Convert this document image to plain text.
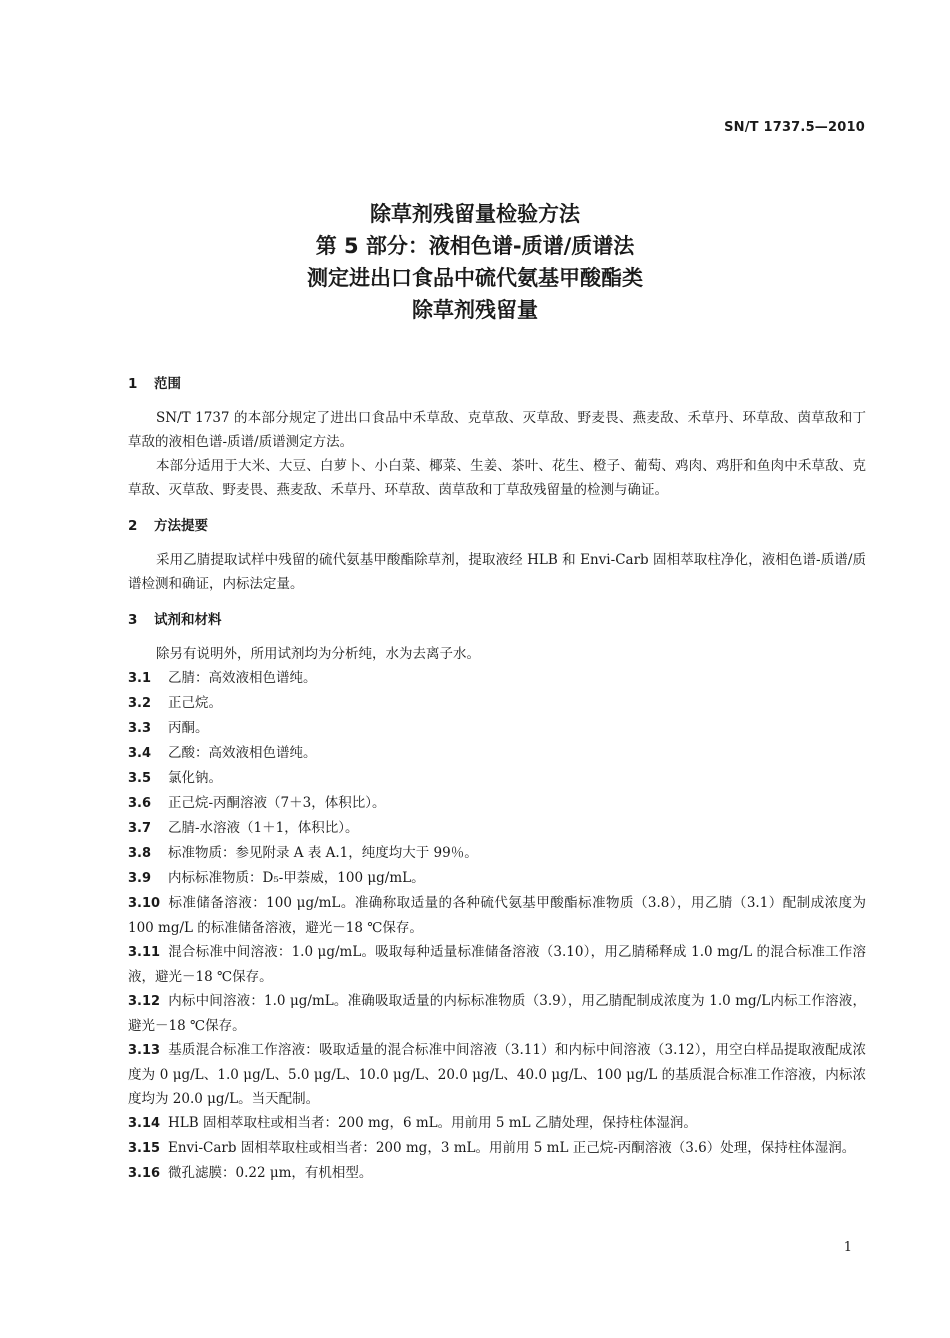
SN/T 1737.5—2010
除草剂残留量检验方法
第 5 部分：液相色谱-质谱/质谱法
测定进出口食品中硫代氨基甲酸酯类
除草剂残留量
1 范围
SN/T 1737 的本部分规定了进出口食品中禾草敌、克草敌、灭草敌、野麦畏、燕麦敌、禾草丹、环草敌、茵草敌和丁草敌的液相色谱-质谱/质谱测定方法。
本部分适用于大米、大豆、白萝卜、小白菜、椰菜、生姜、茶叶、花生、橙子、葡萄、鸡肉、鸡肝和鱼肉中禾草敌、克草敌、灭草敌、野麦畏、燕麦敌、禾草丹、环草敌、茵草敌和丁草敌残留量的检测与确证。
2 方法提要
采用乙腈提取试样中残留的硫代氨基甲酸酯除草剂，提取液经 HLB 和 Envi-Carb 固相萃取柱净化，液相色谱-质谱/质谱检测和确证，内标法定量。
3 试剂和材料
除另有说明外，所用试剂均为分析纯，水为去离子水。
3.1 乙腈：高效液相色谱纯。
3.2 正己烷。
3.3 丙酮。
3.4 乙酸：高效液相色谱纯。
3.5 氯化钠。
3.6 正己烷-丙酮溶液（7＋3，体积比）。
3.7 乙腈-水溶液（1＋1，体积比）。
3.8 标准物质：参见附录 A 表 A.1，纯度均大于 99％。
3.9 内标标准物质：D₅-甲萘威，100 μg/mL。
3.10 标准储备溶液：100 μg/mL。准确称取适量的各种硫代氨基甲酸酯标准物质（3.8），用乙腈（3.1）配制成浓度为 100 mg/L 的标准储备溶液，避光－18 ℃保存。
3.11 混合标准中间溶液：1.0 μg/mL。吸取每种适量标准储备溶液（3.10），用乙腈稀释成 1.0 mg/L 的混合标准工作溶液，避光－18 ℃保存。
3.12 内标中间溶液：1.0 μg/mL。准确吸取适量的内标标准物质（3.9），用乙腈配制成浓度为 1.0 mg/L内标工作溶液，避光－18 ℃保存。
3.13 基质混合标准工作溶液：吸取适量的混合标准中间溶液（3.11）和内标中间溶液（3.12），用空白样品提取液配成浓度为 0 μg/L、1.0 μg/L、5.0 μg/L、10.0 μg/L、20.0 μg/L、40.0 μg/L、100 μg/L 的基质混合标准工作溶液，内标浓度均为 20.0 μg/L。当天配制。
3.14 HLB 固相萃取柱或相当者：200 mg，6 mL。用前用 5 mL 乙腈处理，保持柱体湿润。
3.15 Envi-Carb 固相萃取柱或相当者：200 mg，3 mL。用前用 5 mL 正己烷-丙酮溶液（3.6）处理，保持柱体湿润。
3.16 微孔滤膜：0.22 μm，有机相型。
1
